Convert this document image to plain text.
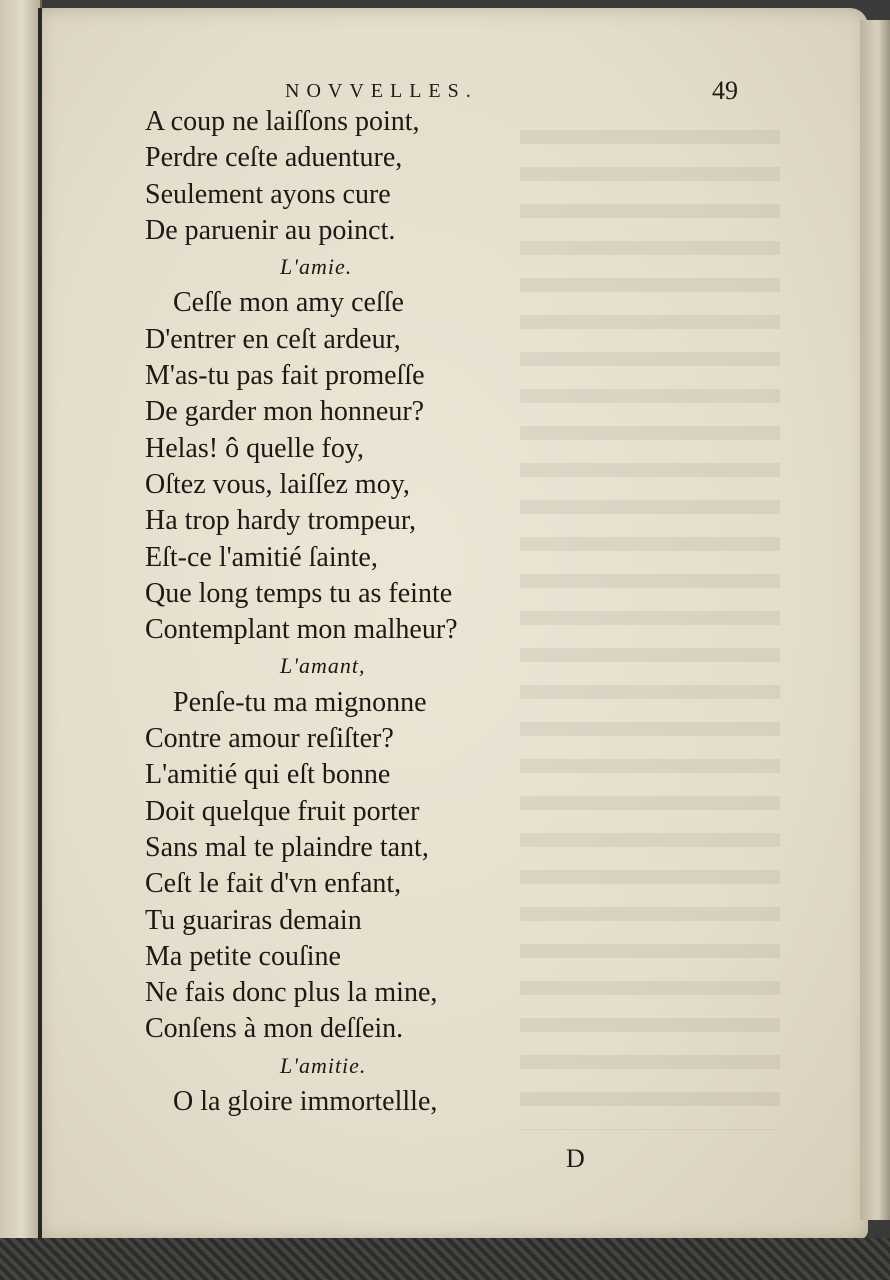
NOVVELLES.	49
A coup ne laiſſons point,
Perdre ceſte aduenture,
Seulement ayons cure
De paruenir au poinct.
L'amie.
Ceſſe mon amy ceſſe
D'entrer en ceſt ardeur,
M'as-tu pas fait promeſſe
De garder mon honneur?
Helas! ô quelle foy,
Oſtez vous, laiſſez moy,
Ha trop hardy trompeur,
Eſt-ce l'amitié ſainte,
Que long temps tu as feinte
Contemplant mon malheur?
L'amant,
Penſe-tu ma mignonne
Contre amour reſiſter?
L'amitié qui eſt bonne
Doit quelque fruit porter
Sans mal te plaindre tant,
Ceſt le fait d'vn enfant,
Tu guariras demain
Ma petite couſine
Ne fais donc plus la mine,
Conſens à mon deſſein.
L'amitie.
O la gloire immortellle,
D
